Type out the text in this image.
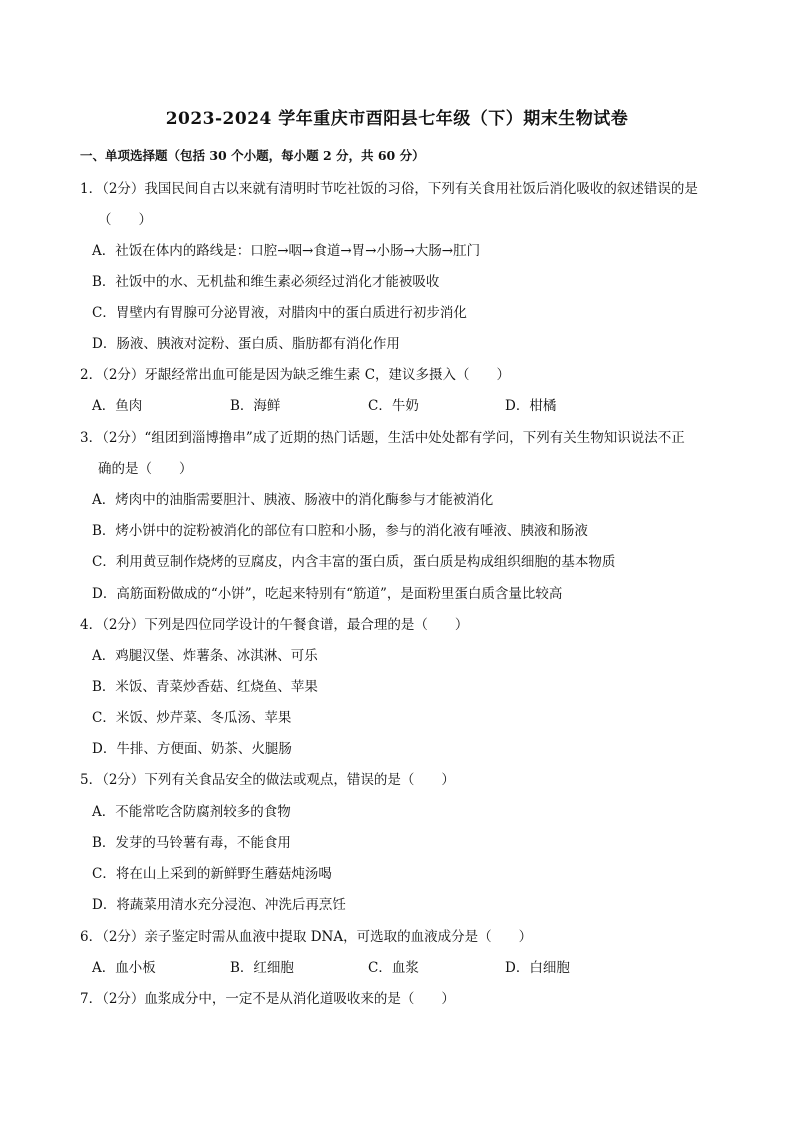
2023-2024 学年重庆市酉阳县七年级（下）期末生物试卷
一、单项选择题（包括 30 个小题，每小题 2 分，共 60 分）
1．（2分）我国民间自古以来就有清明时节吃社饭的习俗，下列有关食用社饭后消化吸收的叙述错误的是
（　　）
A．社饭在体内的路线是：口腔→咽→食道→胃→小肠→大肠→肛门
B．社饭中的水、无机盐和维生素必须经过消化才能被吸收
C．胃壁内有胃腺可分泌胃液，对腊肉中的蛋白质进行初步消化
D．肠液、胰液对淀粉、蛋白质、脂肪都有消化作用
2．（2分）牙龈经常出血可能是因为缺乏维生素 C，建议多摄入（　　）
A．鱼肉	B．海鲜	C．牛奶	D．柑橘
3．（2分）“组团到淄博撸串”成了近期的热门话题，生活中处处都有学问，下列有关生物知识说法不正
确的是（　　）
A．烤肉中的油脂需要胆汁、胰液、肠液中的消化酶参与才能被消化
B．烤小饼中的淀粉被消化的部位有口腔和小肠，参与的消化液有唾液、胰液和肠液
C．利用黄豆制作烧烤的豆腐皮，内含丰富的蛋白质，蛋白质是构成组织细胞的基本物质
D．高筋面粉做成的“小饼”，吃起来特别有“筋道”，是面粉里蛋白质含量比较高
4．（2分）下列是四位同学设计的午餐食谱，最合理的是（　　）
A．鸡腿汉堡、炸薯条、冰淇淋、可乐
B．米饭、青菜炒香菇、红烧鱼、苹果
C．米饭、炒芹菜、冬瓜汤、苹果
D．牛排、方便面、奶茶、火腿肠
5．（2分）下列有关食品安全的做法或观点，错误的是（　　）
A．不能常吃含防腐剂较多的食物
B．发芽的马铃薯有毒，不能食用
C．将在山上采到的新鲜野生蘑菇炖汤喝
D．将蔬菜用清水充分浸泡、冲洗后再烹饪
6．（2分）亲子鉴定时需从血液中提取 DNA，可选取的血液成分是（　　）
A．血小板	B．红细胞	C．血浆	D．白细胞
7．（2分）血浆成分中，一定不是从消化道吸收来的是（　　）
